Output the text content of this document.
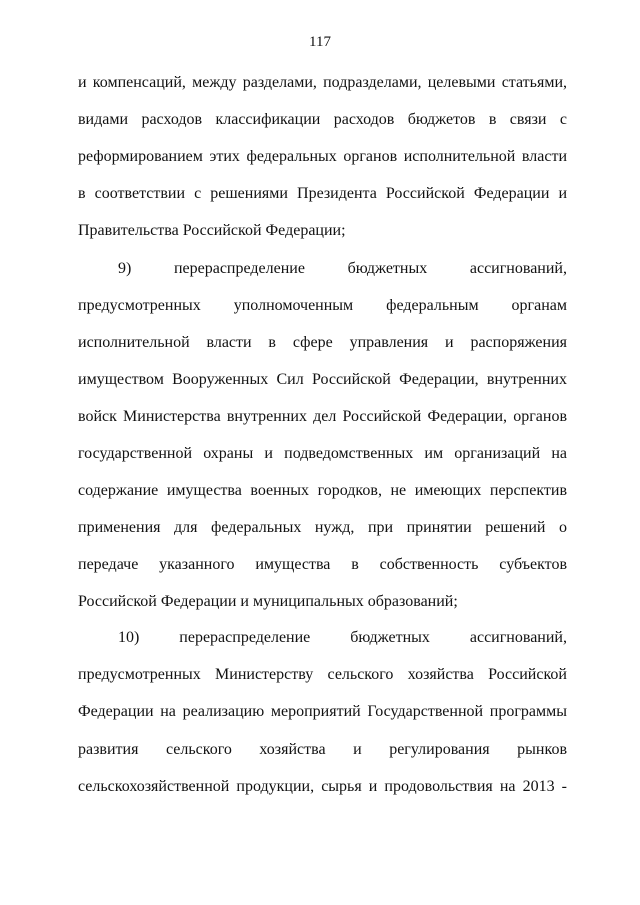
117
и компенсаций, между разделами, подразделами, целевыми статьями,
видами расходов классификации расходов бюджетов в связи с
реформированием этих федеральных органов исполнительной власти
в соответствии с решениями Президента Российской Федерации и
Правительства Российской Федерации;
9) перераспределение бюджетных ассигнований,
предусмотренных уполномоченным федеральным органам
исполнительной власти в сфере управления и распоряжения
имуществом Вооруженных Сил Российской Федерации, внутренних
войск Министерства внутренних дел Российской Федерации, органов
государственной охраны и подведомственных им организаций на
содержание имущества военных городков, не имеющих перспектив
применения для федеральных нужд, при принятии решений о
передаче указанного имущества в собственность субъектов
Российской Федерации и муниципальных образований;
10) перераспределение бюджетных ассигнований,
предусмотренных Министерству сельского хозяйства Российской
Федерации на реализацию мероприятий Государственной программы
развития сельского хозяйства и регулирования рынков
сельскохозяйственной продукции, сырья и продовольствия на 2013 -
